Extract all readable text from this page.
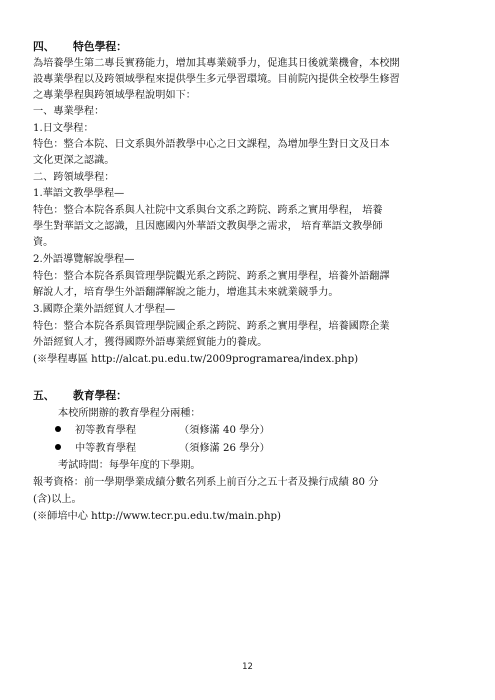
四、 特色學程：
為培養學生第二專長實務能力，增加其專業競爭力，促進其日後就業機會，本校開
設專業學程以及跨領域學程來提供學生多元學習環境。目前院內提供全校學生修習
之專業學程與跨領域學程說明如下：
一、專業學程：
1.日文學程：
特色：整合本院、日文系與外語教學中心之日文課程，為增加學生對日文及日本
文化更深之認識。
二、跨領域學程：
1.華語文教學學程—
特色：整合本院各系與人社院中文系與台文系之跨院、跨系之實用學程， 培養
學生對華語文之認識，且因應國內外華語文教與學之需求， 培育華語文教學師
資。
2.外語導覽解說學程—
特色：整合本院各系與管理學院觀光系之跨院、跨系之實用學程，培養外語翻譯
解說人才，培育學生外語翻譯解說之能力，增進其未來就業競爭力。
3.國際企業外語經貿人才學程—
特色：整合本院各系與管理學院國企系之跨院、跨系之實用學程，培養國際企業
外語經貿人才，獲得國際外語專業經貿能力的養成。
(※學程專區 http://alcat.pu.edu.tw/2009programarea/index.php)
五、 教育學程：
本校所開辦的教育學程分兩種：
初等教育學程	（須修滿 40 學分）
中等教育學程	（須修滿 26 學分）
考試時間：每學年度的下學期。
報考資格：前一學期學業成績分數名列系上前百分之五十者及操行成績 80 分
(含)以上。
(※師培中心 http://www.tecr.pu.edu.tw/main.php)
12
